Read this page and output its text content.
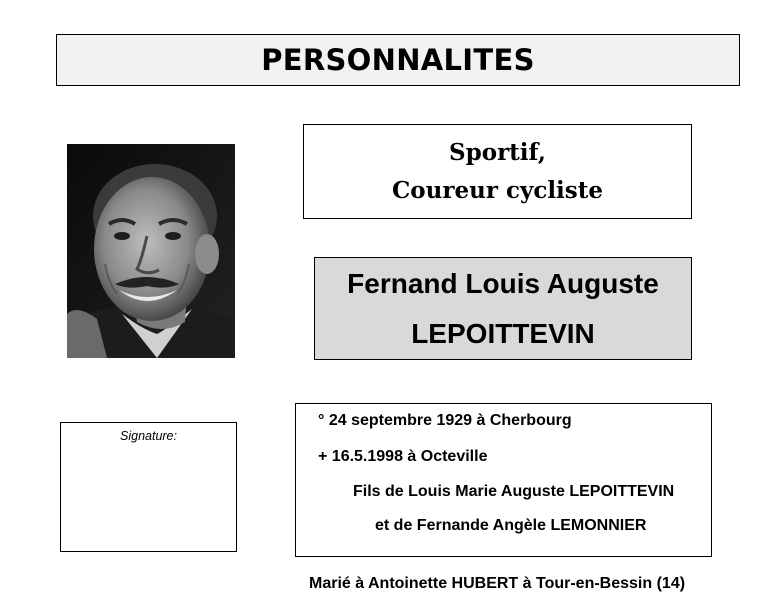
PERSONNALITES
Sportif,
Coureur cycliste
Fernand Louis Auguste
LEPOITTEVIN
Signature:
° 24 septembre 1929 à Cherbourg
+ 16.5.1998 à Octeville
Fils de Louis Marie Auguste LEPOITTEVIN
et de Fernande Angèle LEMONNIER
Marié à Antoinette HUBERT à Tour-en-Bessin (14)
